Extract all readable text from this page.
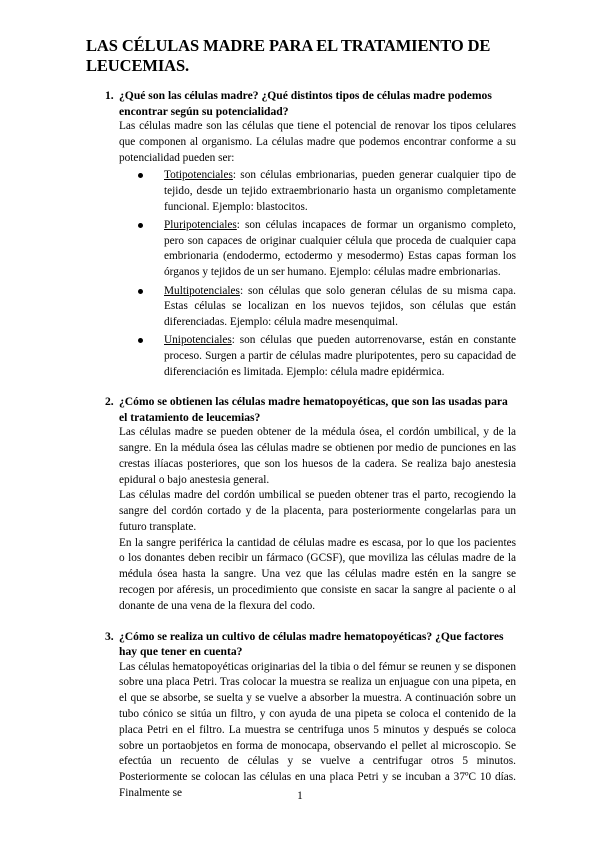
LAS CÉLULAS MADRE PARA EL TRATAMIENTO DE LEUCEMIAS.
1. ¿Qué son las células madre? ¿Qué distintos tipos de células madre podemos encontrar según su potencialidad?
Las células madre son las células que tiene el potencial de renovar los tipos celulares que componen al organismo. La células madre que podemos encontrar conforme a su potencialidad pueden ser:
Totipotenciales: son células embrionarias, pueden generar cualquier tipo de tejido, desde un tejido extraembrionario hasta un organismo completamente funcional. Ejemplo: blastocitos.
Pluripotenciales: son células incapaces de formar un organismo completo, pero son capaces de originar cualquier célula que proceda de cualquier capa embrionaria (endodermo, ectodermo y mesodermo) Estas capas forman los órganos y tejidos de un ser humano. Ejemplo: células madre embrionarias.
Multipotenciales: son células que solo generan células de su misma capa. Estas células se localizan en los nuevos tejidos, son células que están diferenciadas. Ejemplo: célula madre mesenquimal.
Unipotenciales: son células que pueden autorrenovarse, están en constante proceso. Surgen a partir de células madre pluripotentes, pero su capacidad de diferenciación es limitada. Ejemplo: célula madre epidérmica.
2. ¿Cómo se obtienen las células madre hematopoyéticas, que son las usadas para el tratamiento de leucemias?
Las células madre se pueden obtener de la médula ósea, el cordón umbilical, y de la sangre. En la médula ósea las células madre se obtienen por medio de punciones en las crestas ilíacas posteriores, que son los huesos de la cadera. Se realiza bajo anestesia epidural o bajo anestesia general.
Las células madre del cordón umbilical se pueden obtener tras el parto, recogiendo la sangre del cordón cortado y de la placenta, para posteriormente congelarlas para un futuro transplate.
En la sangre periférica la cantidad de células madre es escasa, por lo que los pacientes o los donantes deben recibir un fármaco (GCSF), que moviliza las células madre de la médula ósea hasta la sangre. Una vez que las células madre estén en la sangre se recogen por aféresis, un procedimiento que consiste en sacar la sangre al paciente o al donante de una vena de la flexura del codo.
3. ¿Cómo se realiza un cultivo de células madre hematopoyéticas? ¿Que factores hay que tener en cuenta?
Las células hematopoyéticas originarias del la tibia o del fémur se reunen y se disponen sobre una placa Petri. Tras colocar la muestra se realiza un enjuague con una pipeta, en el que se absorbe, se suelta y se vuelve a absorber la muestra. A continuación sobre un tubo cónico se sitúa un filtro, y con ayuda de una pipeta se coloca el contenido de la placa Petri en el filtro. La muestra se centrifuga unos 5 minutos y después se coloca sobre un portaobjetos en forma de monocapa, observando el pellet al microscopio. Se efectúa un recuento de células y se vuelve a centrifugar otros 5 minutos. Posteriormente se colocan las células en una placa Petri y se incuban a 37ºC 10 días. Finalmente se	1
